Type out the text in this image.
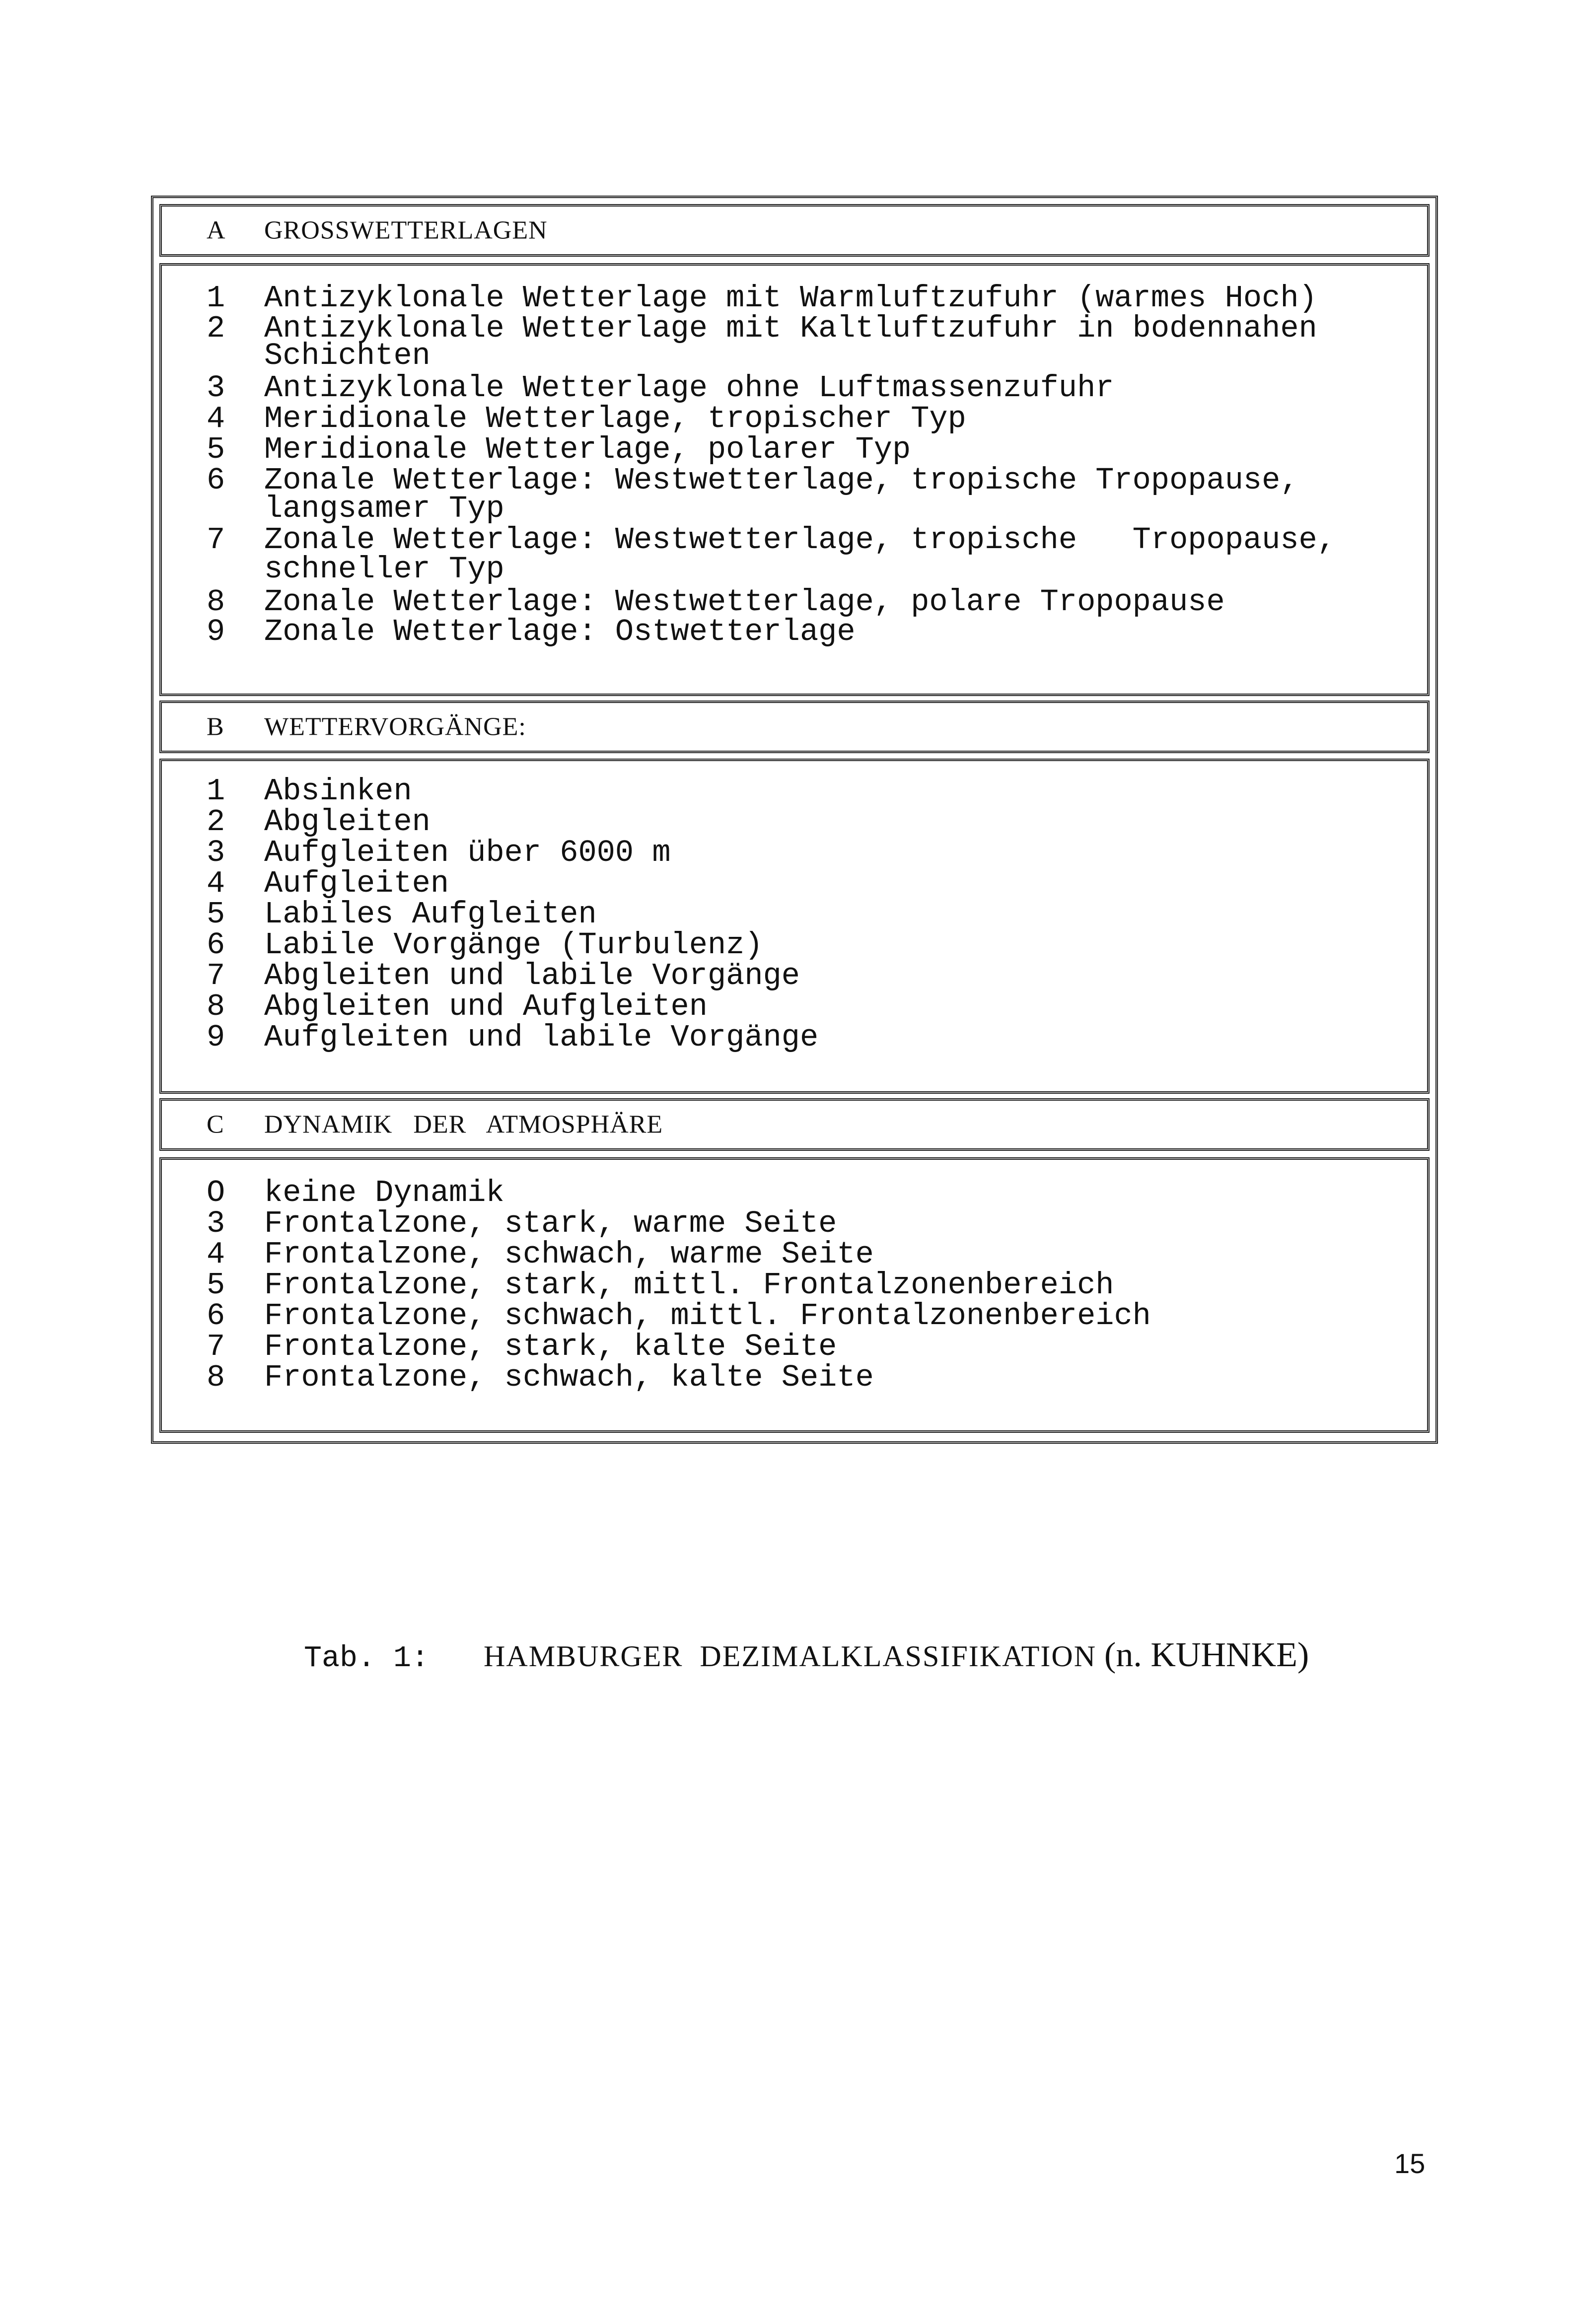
A GROSSWETTERLAGEN
1 Antizyklonale Wetterlage mit Warmluftzufuhr (warmes Hoch)
2 Antizyklonale Wetterlage mit Kaltluftzufuhr in bodennahen
Schichten
3 Antizyklonale Wetterlage ohne Luftmassenzufuhr
4 Meridionale Wetterlage, tropischer Typ
5 Meridionale Wetterlage, polarer Typ
6 Zonale Wetterlage: Westwetterlage, tropische Tropopause,
langsamer Typ
7 Zonale Wetterlage: Westwetterlage, tropische   Tropopause,
schneller Typ
8 Zonale Wetterlage: Westwetterlage, polare Tropopause
9 Zonale Wetterlage: Ostwetterlage
B WETTERVORGÄNGE:
1 Absinken
2 Abgleiten
3 Aufgleiten über 6000 m
4 Aufgleiten
5 Labiles Aufgleiten
6 Labile Vorgänge (Turbulenz)
7 Abgleiten und labile Vorgänge
8 Abgleiten und Aufgleiten
9 Aufgleiten und labile Vorgänge
C DYNAMIK   DER   ATMOSPHÄRE
O keine Dynamik
3 Frontalzone, stark, warme Seite
4 Frontalzone, schwach, warme Seite
5 Frontalzone, stark, mittl. Frontalzonenbereich
6 Frontalzone, schwach, mittl. Frontalzonenbereich
7 Frontalzone, stark, kalte Seite
8 Frontalzone, schwach, kalte Seite

Tab. 1: HAMBURGER  DEZIMALKLASSIFIKATION (n. KUHNKE)

15
